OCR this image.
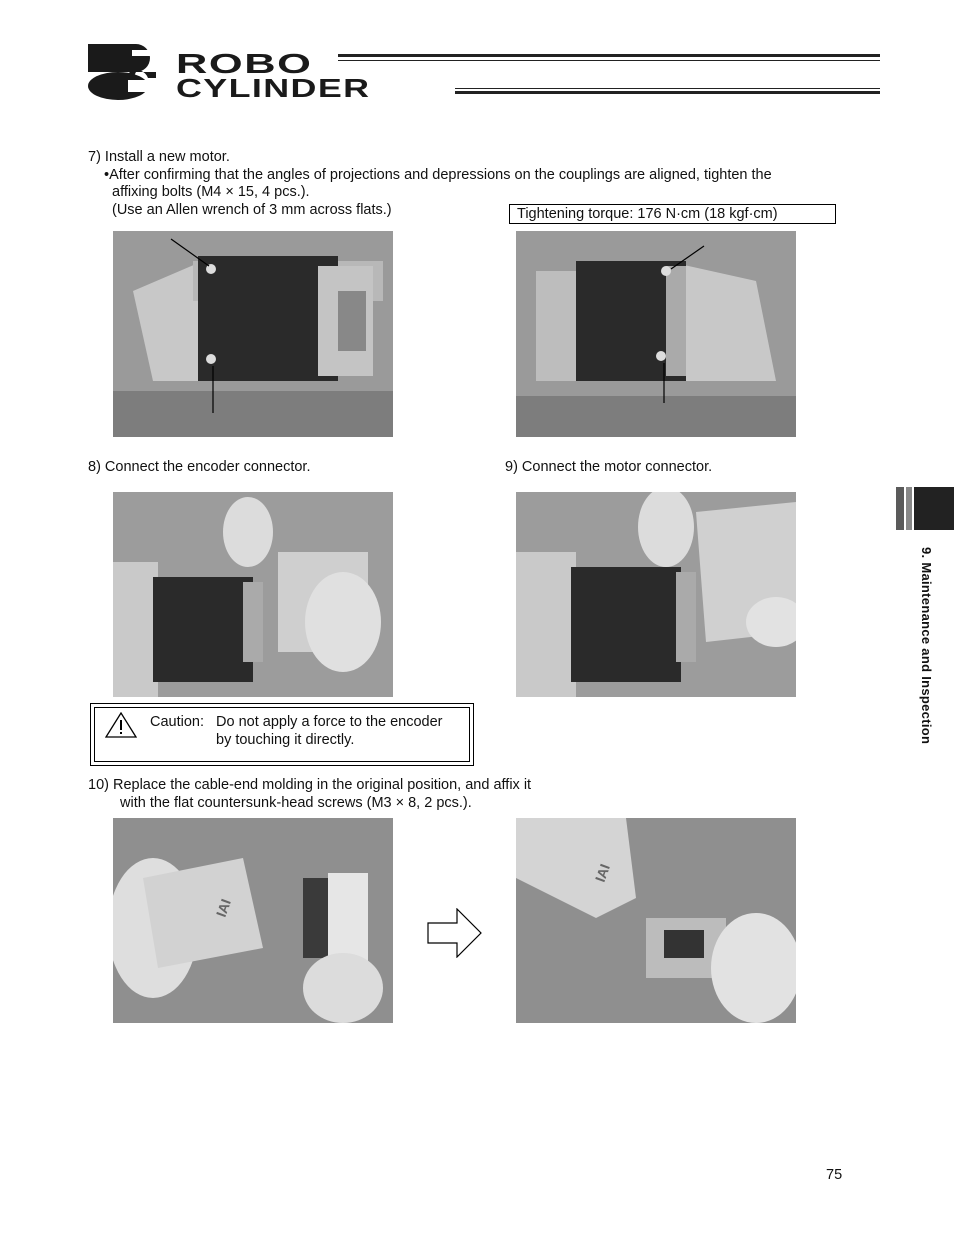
ROBO
CYLINDER
7) Install a new motor.
•After confirming that the angles of projections and depressions on the couplings are aligned, tighten the
affixing bolts (M4 × 15, 4 pcs.).
(Use an Allen wrench of 3 mm across flats.)	Tightening torque: 176 N·cm (18 kgf·cm)
8) Connect the encoder connector.	9) Connect the motor connector.
Caution: Do not apply a force to the encoder
by touching it directly.
10) Replace the cable-end molding in the original position, and affix it
with the flat countersunk-head screws (M3 × 8, 2 pcs.).
IAI
IAI
9. Maintenance and Inspection
75
